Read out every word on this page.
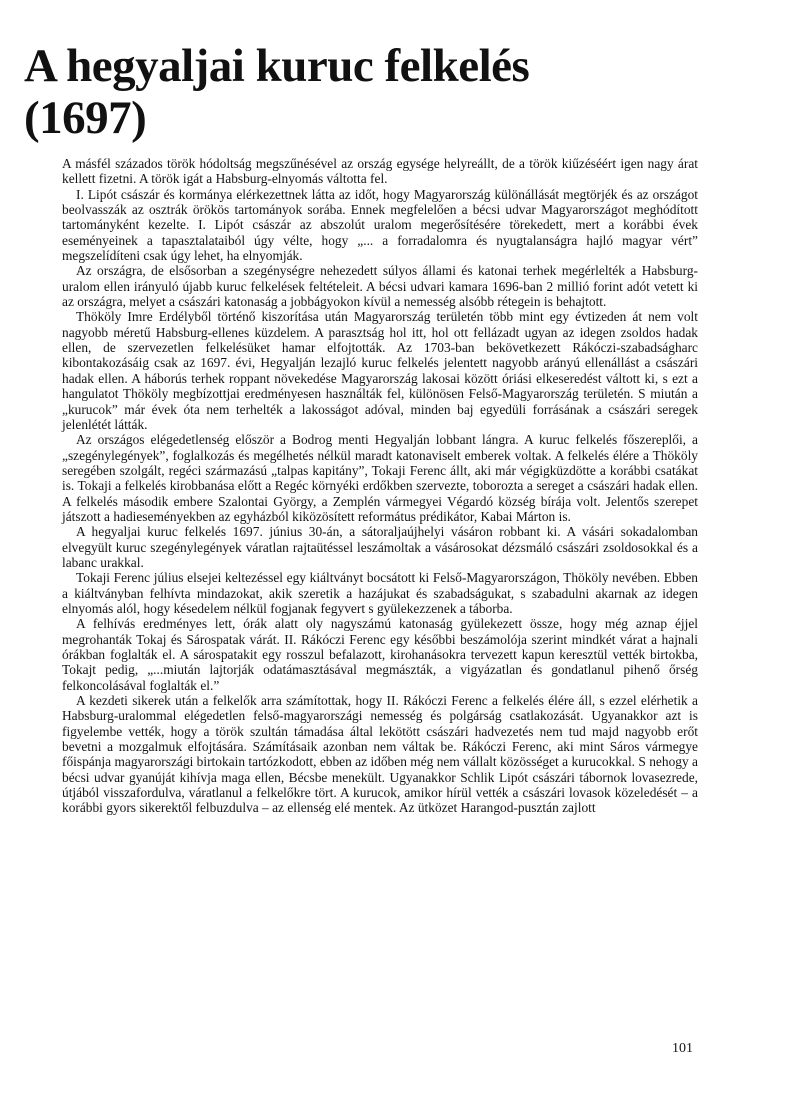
A hegyaljai kuruc felkelés
(1697)

A másfél százados török hódoltság megszűnésével az ország egysége helyreállt, de a török kiűzéséért igen nagy árat kellett fizetni. A török igát a Habsburg-elnyomás váltotta fel.

I. Lipót császár és kormánya elérkezettnek látta az időt, hogy Magyarország különállását megtörjék és az országot beolvasszák az osztrák örökös tartományok sorába. Ennek megfelelően a bécsi udvar Magyarországot meghódított tartományként kezelte. I. Lipót császár az abszolút uralom megerősítésére törekedett, mert a korábbi évek eseményeinek a tapasztalataiból úgy vélte, hogy „... a forradalomra és nyugtalanságra hajló magyar vért” megszelídíteni csak úgy lehet, ha elnyomják.

Az országra, de elsősorban a szegénységre nehezedett súlyos állami és katonai terhek megérlelték a Habsburg-uralom ellen irányuló újabb kuruc felkelések feltételeit. A bécsi udvari kamara 1696-ban 2 millió forint adót vetett ki az országra, melyet a császári katonaság a jobbágyokon kívül a nemesség alsóbb rétegein is behajtott.

Thököly Imre Erdélyből történő kiszorítása után Magyarország területén több mint egy évtizeden át nem volt nagyobb méretű Habsburg-ellenes küzdelem. A parasztság hol itt, hol ott fellázadt ugyan az idegen zsoldos hadak ellen, de szervezetlen felkelésüket hamar elfojtották. Az 1703-ban bekövetkezett Rákóczi-szabadságharc kibontakozásáig csak az 1697. évi, Hegyalján lezajló kuruc felkelés jelentett nagyobb arányú ellenállást a császári hadak ellen. A háborús terhek roppant növekedése Magyarország lakosai között óriási elkeseredést váltott ki, s ezt a hangulatot Thököly megbízottjai eredményesen használták fel, különösen Felső-Magyarország területén. S miután a „kurucok” már évek óta nem terhelték a lakosságot adóval, minden baj egyedüli forrásának a császári seregek jelenlétét látták.

Az országos elégedetlenség először a Bodrog menti Hegyalján lobbant lángra. A kuruc felkelés főszereplői, a „szegénylegények”, foglalkozás és megélhetés nélkül maradt katonaviselt emberek voltak. A felkelés élére a Thököly seregében szolgált, regéci származású „talpas kapitány”, Tokaji Ferenc állt, aki már végigküzdötte a korábbi csatákat is. Tokaji a felkelés kirobbanása előtt a Regéc környéki erdőkben szervezte, toborozta a sereget a császári hadak ellen. A felkelés második embere Szalontai György, a Zemplén vármegyei Végardó község bírája volt. Jelentős szerepet játszott a hadieseményekben az egyházból kiközösített református prédikátor, Kabai Márton is.

A hegyaljai kuruc felkelés 1697. június 30-án, a sátoraljaújhelyi vásáron robbant ki. A vásári sokadalomban elvegyült kuruc szegénylegények váratlan rajtaütéssel leszámoltak a vásárosokat dézsmáló császári zsoldosokkal és a labanc urakkal.

Tokaji Ferenc július elsejei keltezéssel egy kiáltványt bocsátott ki Felső-Magyarországon, Thököly nevében. Ebben a kiáltványban felhívta mindazokat, akik szeretik a hazájukat és szabadságukat, s szabadulni akarnak az idegen elnyomás alól, hogy késedelem nélkül fogjanak fegyvert s gyülekezzenek a táborba.

A felhívás eredményes lett, órák alatt oly nagyszámú katonaság gyülekezett össze, hogy még aznap éjjel megrohanták Tokaj és Sárospatak várát. II. Rákóczi Ferenc egy későbbi beszámolója szerint mindkét várat a hajnali órákban foglalták el. A sárospatakit egy rosszul befalazott, kirohanásokra tervezett kapun keresztül vették birtokba, Tokajt pedig, „...miután lajtorják odatámasztásával megmászták, a vigyázatlan és gondatlanul pihenő őrség felkoncolásával foglalták el.”

A kezdeti sikerek után a felkelők arra számítottak, hogy II. Rákóczi Ferenc a felkelés élére áll, s ezzel elérhetik a Habsburg-uralommal elégedetlen felső-magyarországi nemesség és polgárság csatlakozását. Ugyanakkor azt is figyelembe vették, hogy a török szultán támadása által lekötött császári hadvezetés nem tud majd nagyobb erőt bevetni a mozgalmuk elfojtására. Számításaik azonban nem váltak be. Rákóczi Ferenc, aki mint Sáros vármegye főispánja magyarországi birtokain tartózkodott, ebben az időben még nem vállalt közösséget a kurucokkal. S nehogy a bécsi udvar gyanúját kihívja maga ellen, Bécsbe menekült. Ugyanakkor Schlik Lipót császári tábornok lovasezrede, útjából visszafordulva, váratlanul a felkelőkre tört. A kurucok, amikor hírül vették a császári lovasok közeledését – a korábbi gyors sikerektől felbuzdulva – az ellenség elé mentek. Az ütközet Harangod-pusztán zajlott

101
